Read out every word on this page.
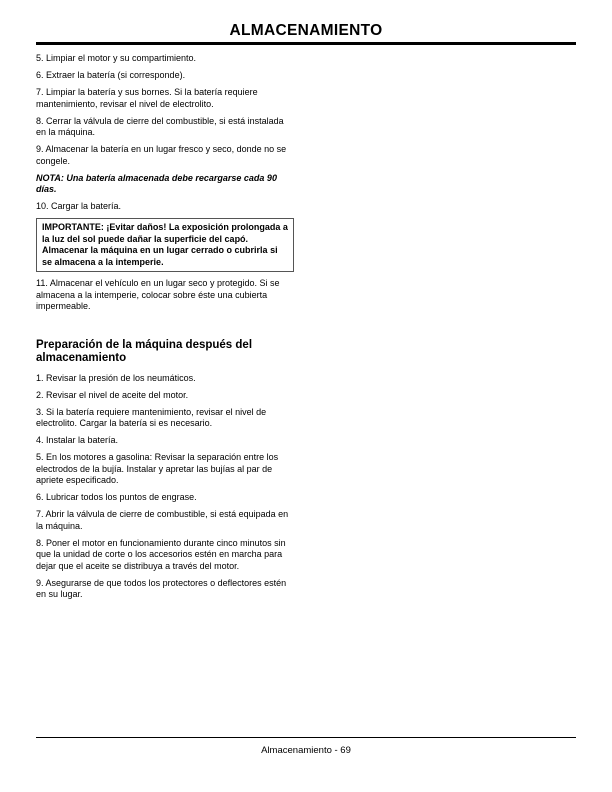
ALMACENAMIENTO

5. Limpiar el motor y su compartimiento.

6. Extraer la batería (si corresponde).

7. Limpiar la batería y sus bornes. Si la batería requiere mantenimiento, revisar el nivel de electrolito.

8. Cerrar la válvula de cierre del combustible, si está instalada en la máquina.

9. Almacenar la batería en un lugar fresco y seco, donde no se congele.

NOTA: Una batería almacenada debe recargarse cada 90 días.

10. Cargar la batería.

IMPORTANTE: ¡Evitar daños! La exposición prolongada a la luz del sol puede dañar la superficie del capó. Almacenar la máquina en un lugar cerrado o cubrirla si se almacena a la intemperie.

11. Almacenar el vehículo en un lugar seco y protegido. Si se almacena a la intemperie, colocar sobre éste una cubierta impermeable.

Preparación de la máquina después del almacenamiento

1. Revisar la presión de los neumáticos.

2. Revisar el nivel de aceite del motor.

3. Si la batería requiere mantenimiento, revisar el nivel de electrolito. Cargar la batería si es necesario.

4. Instalar la batería.

5. En los motores a gasolina: Revisar la separación entre los electrodos de la bujía. Instalar y apretar las bujías al par de apriete especificado.

6. Lubricar todos los puntos de engrase.

7. Abrir la válvula de cierre de combustible, si está equipada en la máquina.

8. Poner el motor en funcionamiento durante cinco minutos sin que la unidad de corte o los accesorios estén en marcha para dejar que el aceite se distribuya a través del motor.

9. Asegurarse de que todos los protectores o deflectores estén en su lugar.

Almacenamiento - 69
